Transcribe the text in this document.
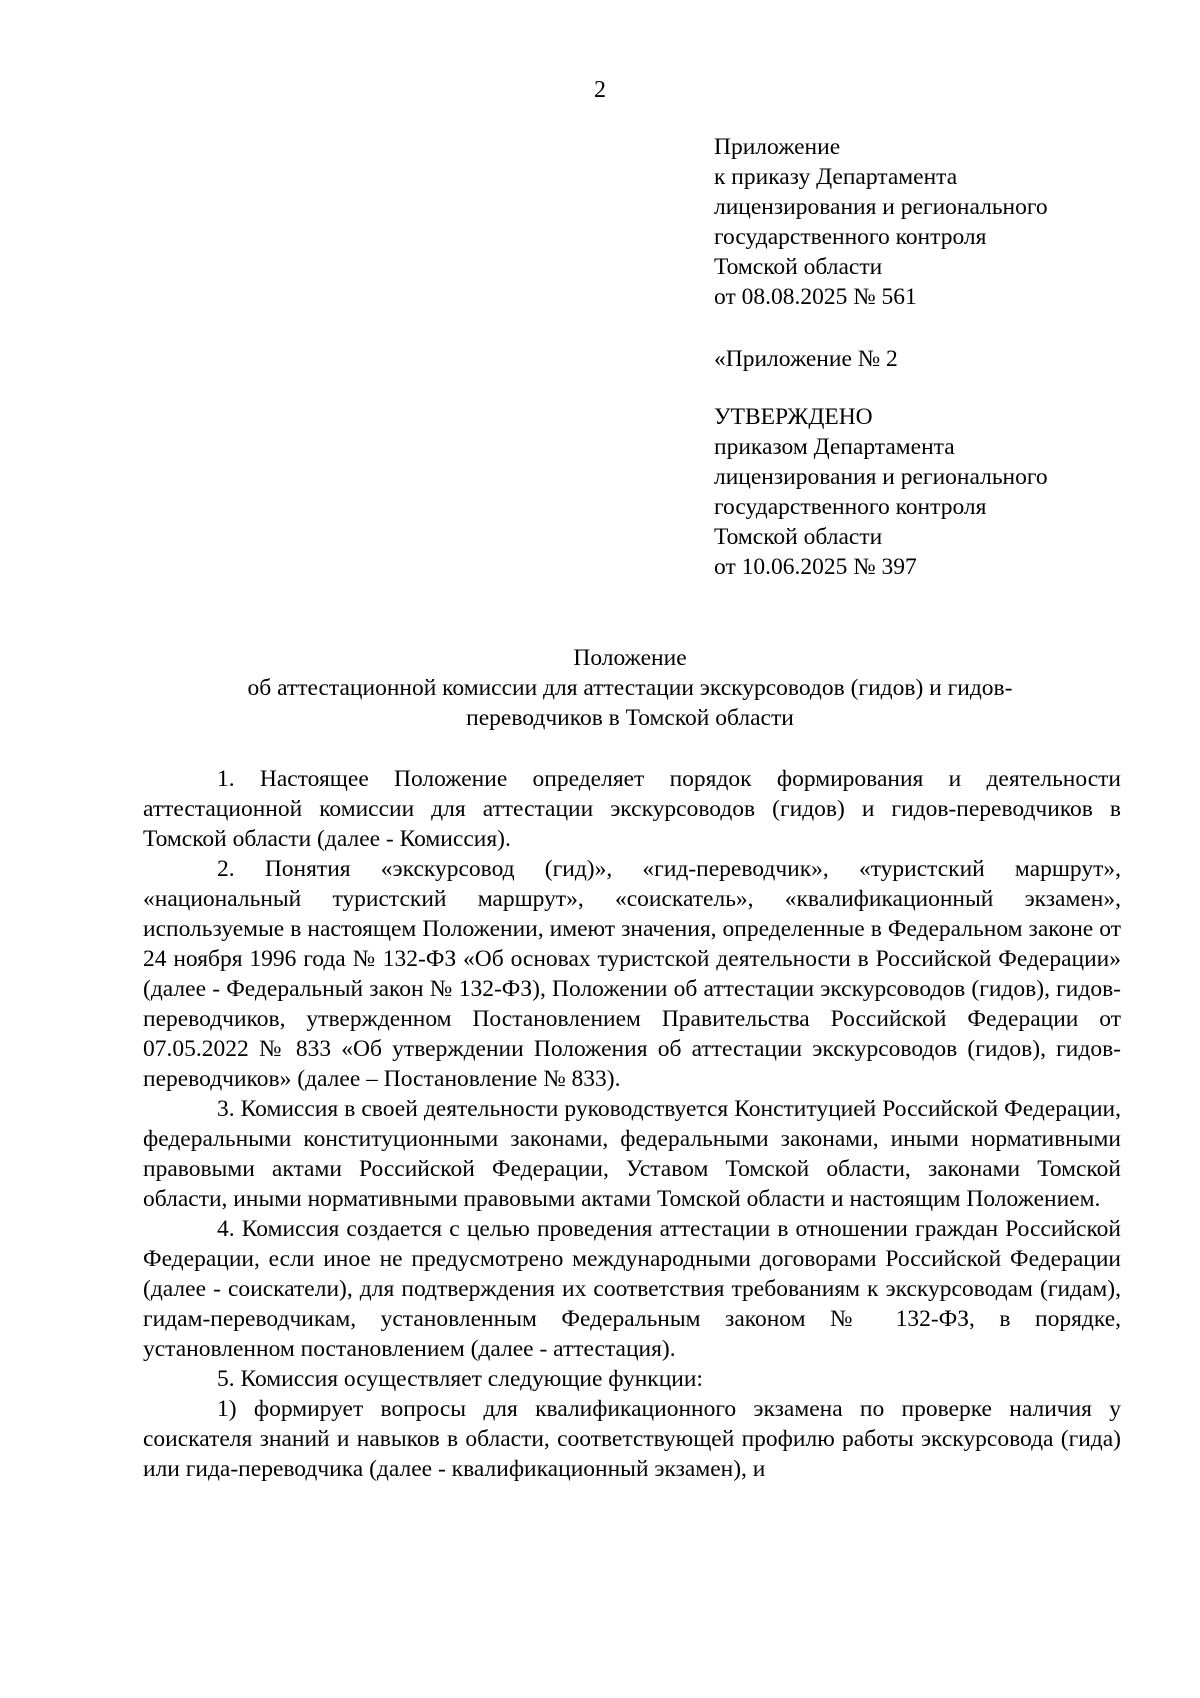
2
Приложение
к приказу Департамента
лицензирования и регионального
государственного контроля
Томской области
от 08.08.2025 № 561
«Приложение № 2
УТВЕРЖДЕНО
приказом Департамента
лицензирования и регионального
государственного контроля
Томской области
от 10.06.2025 № 397
Положение
об аттестационной комиссии для аттестации экскурсоводов (гидов) и гидов-
переводчиков в Томской области

1. Настоящее Положение определяет порядок формирования и деятельности аттестационной комиссии для аттестации экскурсоводов (гидов) и гидов-переводчиков в Томской области (далее - Комиссия).

2. Понятия «экскурсовод (гид)», «гид-переводчик», «туристский маршрут», «национальный туристский маршрут», «соискатель», «квалификационный экзамен», используемые в настоящем Положении, имеют значения, определенные в Федеральном законе от 24 ноября 1996 года № 132-ФЗ «Об основах туристской деятельности в Российской Федерации» (далее - Федеральный закон № 132-ФЗ), Положении об аттестации экскурсоводов (гидов), гидов-переводчиков, утвержденном Постановлением Правительства Российской Федерации от 07.05.2022 № 833 «Об утверждении Положения об аттестации экскурсоводов (гидов), гидов-переводчиков» (далее – Постановление № 833).

3. Комиссия в своей деятельности руководствуется Конституцией Российской Федерации, федеральными конституционными законами, федеральными законами, иными нормативными правовыми актами Российской Федерации, Уставом Томской области, законами Томской области, иными нормативными правовыми актами Томской области и настоящим Положением.

4. Комиссия создается с целью проведения аттестации в отношении граждан Российской Федерации, если иное не предусмотрено международными договорами Российской Федерации (далее - соискатели), для подтверждения их соответствия требованиям к экскурсоводам (гидам), гидам-переводчикам, установленным Федеральным законом № 132-ФЗ, в порядке, установленном постановлением (далее - аттестация).

5. Комиссия осуществляет следующие функции:

1) формирует вопросы для квалификационного экзамена по проверке наличия у соискателя знаний и навыков в области, соответствующей профилю работы экскурсовода (гида) или гида-переводчика (далее - квалификационный экзамен), и
